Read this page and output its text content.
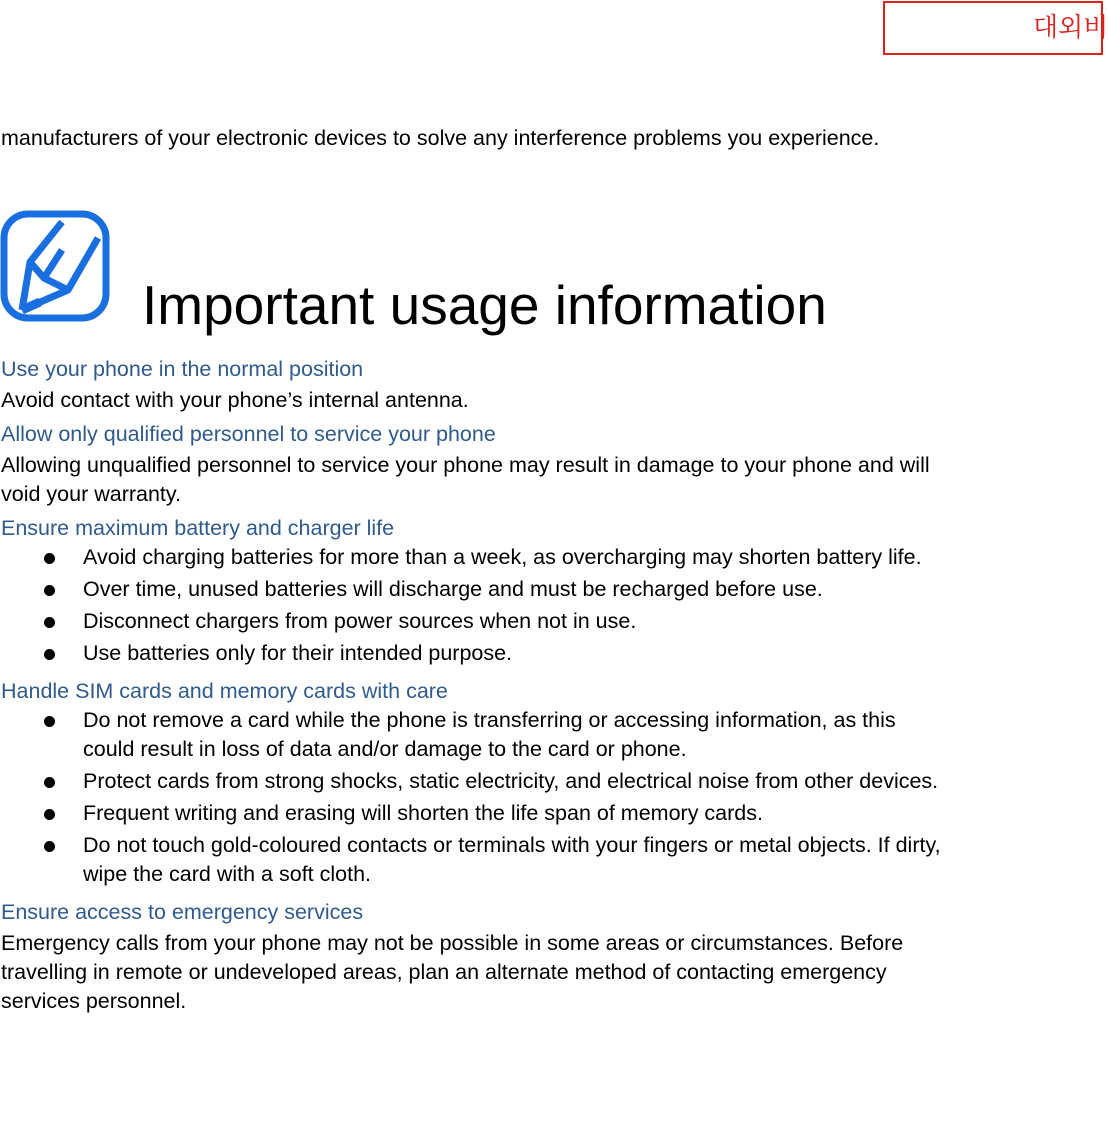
대외비

manufacturers of your electronic devices to solve any interference problems you experience.

Important usage information
Use your phone in the normal position

Avoid contact with your phone’s internal antenna.

Allow only qualified personnel to service your phone

Allowing unqualified personnel to service your phone may result in damage to your phone and will void your warranty.

Ensure maximum battery and charger life
Avoid charging batteries for more than a week, as overcharging may shorten battery life.
Over time, unused batteries will discharge and must be recharged before use.
Disconnect chargers from power sources when not in use.
Use batteries only for their intended purpose.
Handle SIM cards and memory cards with care
Do not remove a card while the phone is transferring or accessing information, as this could result in loss of data and/or damage to the card or phone.
Protect cards from strong shocks, static electricity, and electrical noise from other devices.
Frequent writing and erasing will shorten the life span of memory cards.
Do not touch gold-coloured contacts or terminals with your fingers or metal objects. If dirty, wipe the card with a soft cloth.
Ensure access to emergency services

Emergency calls from your phone may not be possible in some areas or circumstances. Before travelling in remote or undeveloped areas, plan an alternate method of contacting emergency services personnel.
